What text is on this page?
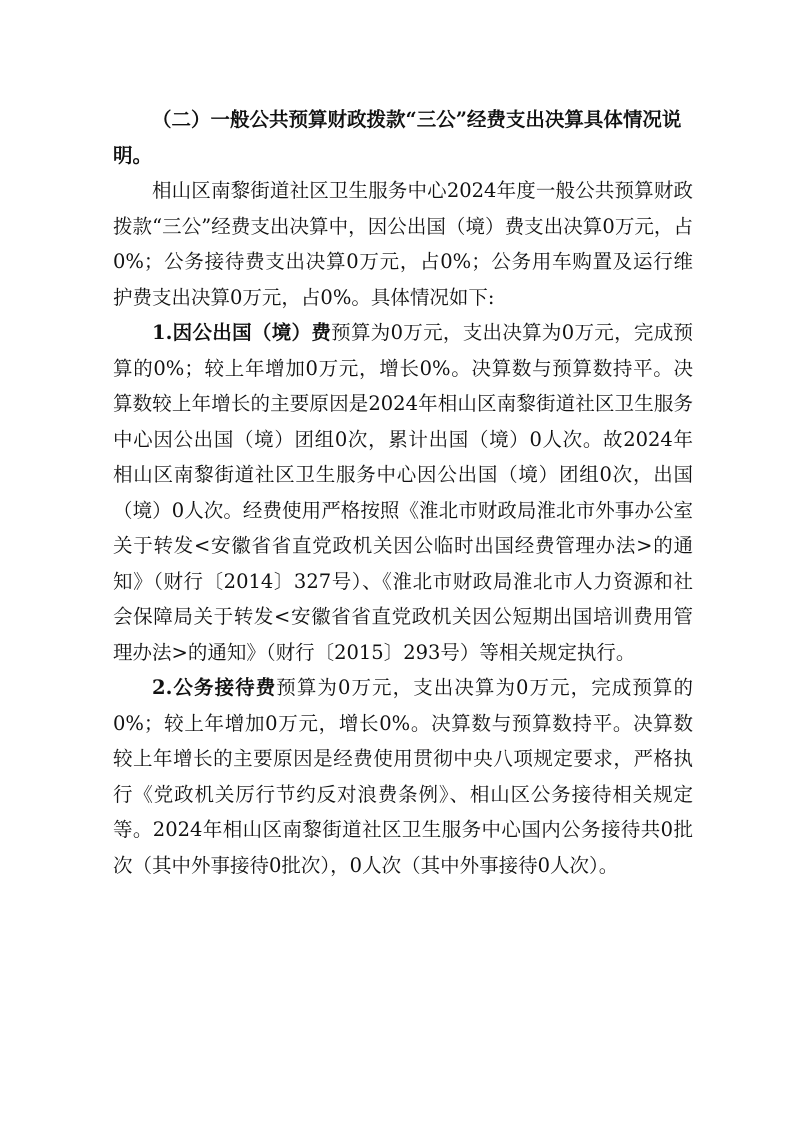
（二）一般公共预算财政拨款“三公”经费支出决算具体情况说明。

相山区南黎街道社区卫生服务中心2024年度一般公共预算财政拨款“三公”经费支出决算中，因公出国（境）费支出决算0万元，占0%；公务接待费支出决算0万元，占0%；公务用车购置及运行维护费支出决算0万元，占0%。具体情况如下:

1.因公出国（境）费预算为0万元，支出决算为0万元，完成预算的0%；较上年增加0万元，增长0%。决算数与预算数持平。决算数较上年增长的主要原因是2024年相山区南黎街道社区卫生服务中心因公出国（境）团组0次，累计出国（境）0人次。故2024年相山区南黎街道社区卫生服务中心因公出国（境）团组0次，出国（境）0人次。经费使用严格按照《淮北市财政局淮北市外事办公室关于转发<安徽省省直党政机关因公临时出国经费管理办法>的通知》（财行〔2014〕327号）、《淮北市财政局淮北市人力资源和社会保障局关于转发<安徽省省直党政机关因公短期出国培训费用管理办法>的通知》（财行〔2015〕293号）等相关规定执行。

2.公务接待费预算为0万元，支出决算为0万元，完成预算的0%；较上年增加0万元，增长0%。决算数与预算数持平。决算数较上年增长的主要原因是经费使用贯彻中央八项规定要求，严格执行《党政机关厉行节约反对浪费条例》、相山区公务接待相关规定等。2024年相山区南黎街道社区卫生服务中心国内公务接待共0批次（其中外事接待0批次），0人次（其中外事接待0人次）。
